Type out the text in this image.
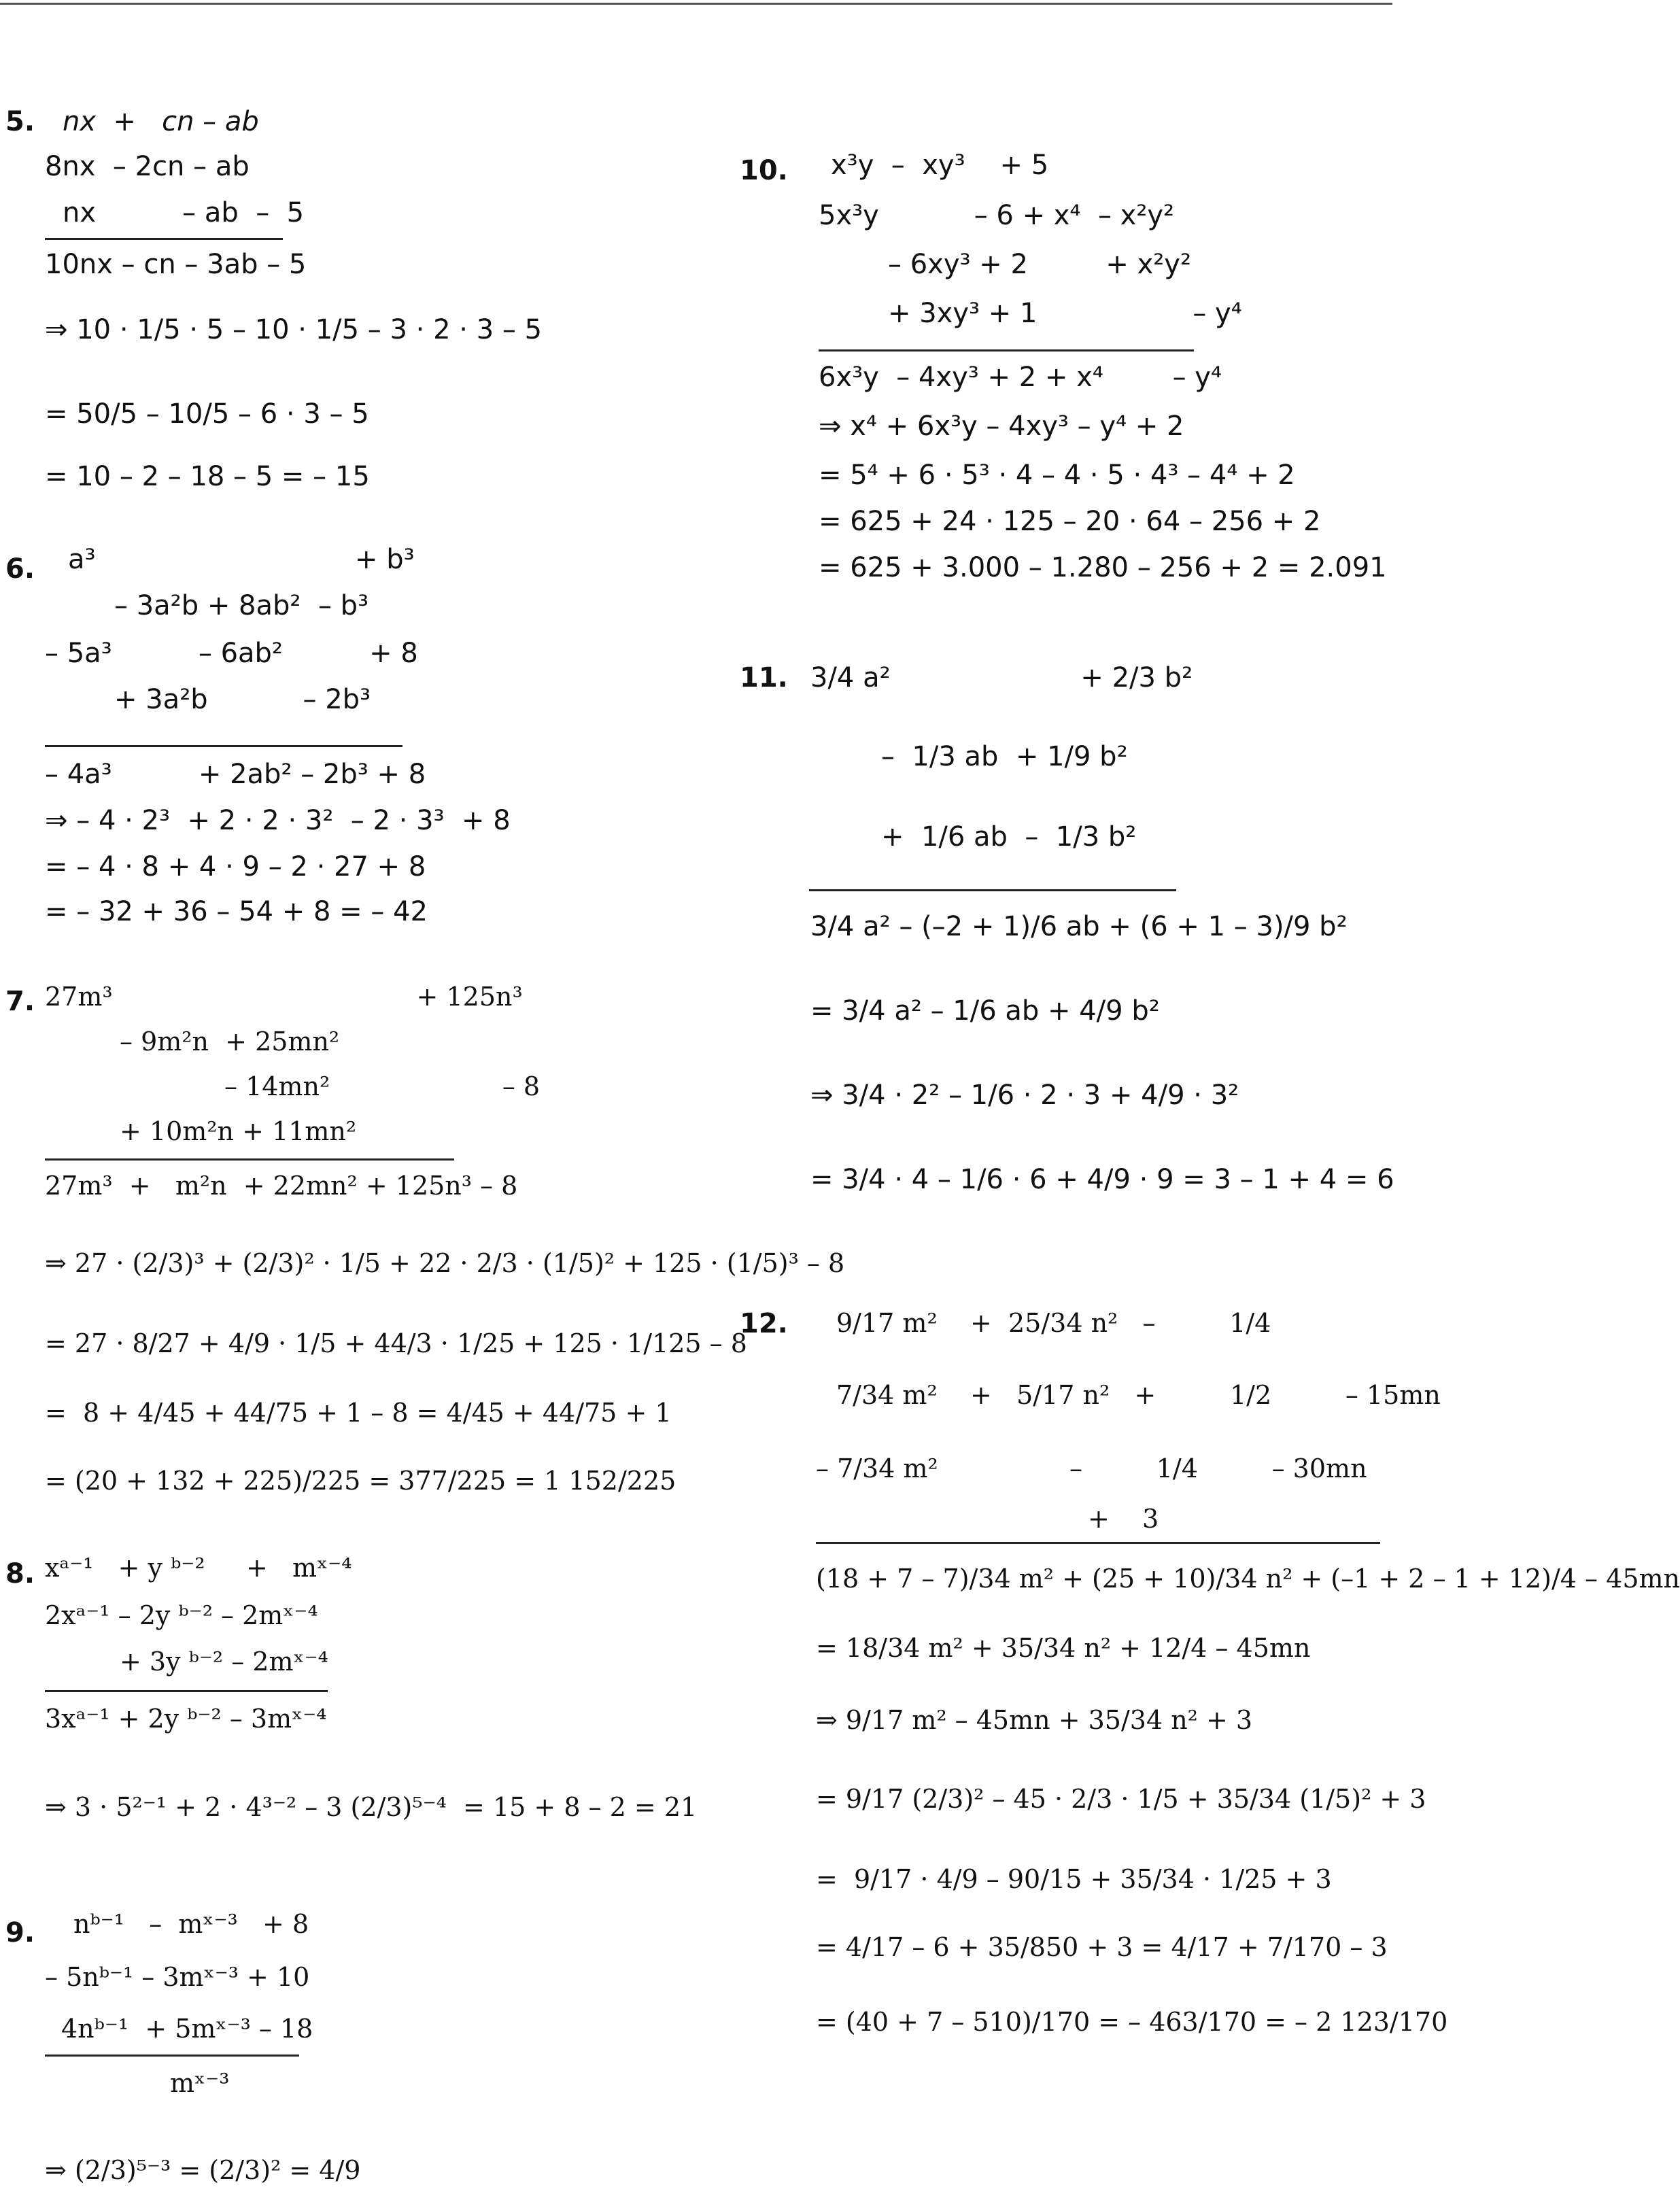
5. nx  +   cn – ab
8nx  – 2cn – ab
nx          – ab  –  5
10nx – cn – 3ab – 5
⇒ 10 · 1/5 · 5 – 10 · 1/5 – 3 · 2 · 3 – 5
= 50/5 – 10/5 – 6 · 3 – 5
= 10 – 2 – 18 – 5 = – 15
6. a³                              + b³
– 3a²b + 8ab²  – b³
– 5a³          – 6ab²          + 8
+ 3a²b           – 2b³
– 4a³          + 2ab² – 2b³ + 8
⇒ – 4 · 2³  + 2 · 2 · 3²  – 2 · 3³  + 8
= – 4 · 8 + 4 · 9 – 2 · 27 + 8
= – 32 + 36 – 54 + 8 = – 42
7. 27m³                                     + 125n³
– 9m²n  + 25mn²
– 14mn²                     – 8
+ 10m²n + 11mn²
27m³  +   m²n  + 22mn² + 125n³ – 8
⇒ 27 · (2/3)³ + (2/3)² · 1/5 + 22 · 2/3 · (1/5)² + 125 · (1/5)³ – 8
= 27 · 8/27 + 4/9 · 1/5 + 44/3 · 1/25 + 125 · 1/125 – 8
=  8 + 4/45 + 44/75 + 1 – 8 = 4/45 + 44/75 + 1
= (20 + 132 + 225)/225 = 377/225 = 1 152/225
8. xᵃ⁻¹   + y ᵇ⁻²     +   mˣ⁻⁴
2xᵃ⁻¹ – 2y ᵇ⁻² – 2mˣ⁻⁴
+ 3y ᵇ⁻² – 2mˣ⁻⁴
3xᵃ⁻¹ + 2y ᵇ⁻² – 3mˣ⁻⁴
⇒ 3 · 5²⁻¹ + 2 · 4³⁻² – 3 (2/3)⁵⁻⁴  = 15 + 8 – 2 = 21
9. nᵇ⁻¹   –  mˣ⁻³   + 8
– 5nᵇ⁻¹ – 3mˣ⁻³ + 10
4nᵇ⁻¹  + 5mˣ⁻³ – 18
mˣ⁻³
⇒ (2/3)⁵⁻³ = (2/3)² = 4/9
10. x³y  –  xy³    + 5
5x³y           – 6 + x⁴  – x²y²
– 6xy³ + 2         + x²y²
+ 3xy³ + 1                  – y⁴
6x³y  – 4xy³ + 2 + x⁴        – y⁴
⇒ x⁴ + 6x³y – 4xy³ – y⁴ + 2
= 5⁴ + 6 · 5³ · 4 – 4 · 5 · 4³ – 4⁴ + 2
= 625 + 24 · 125 – 20 · 64 – 256 + 2
= 625 + 3.000 – 1.280 – 256 + 2 = 2.091
11. 3/4 a²                      + 2/3 b²
–  1/3 ab  + 1/9 b²
+  1/6 ab  –  1/3 b²
3/4 a² – (–2 + 1)/6 ab + (6 + 1 – 3)/9 b²
= 3/4 a² – 1/6 ab + 4/9 b²
⇒ 3/4 · 2² – 1/6 · 2 · 3 + 4/9 · 3²
= 3/4 · 4 – 1/6 · 6 + 4/9 · 9 = 3 – 1 + 4 = 6
12. 9/17 m²    +  25/34 n²   –         1/4
7/34 m²    +   5/17 n²   +         1/2         – 15mn
– 7/34 m²                –         1/4         – 30mn
+    3
(18 + 7 – 7)/34 m² + (25 + 10)/34 n² + (–1 + 2 – 1 + 12)/4 – 45mn
= 18/34 m² + 35/34 n² + 12/4 – 45mn
⇒ 9/17 m² – 45mn + 35/34 n² + 3
= 9/17 (2/3)² – 45 · 2/3 · 1/5 + 35/34 (1/5)² + 3
=  9/17 · 4/9 – 90/15 + 35/34 · 1/25 + 3
= 4/17 – 6 + 35/850 + 3 = 4/17 + 7/170 – 3
= (40 + 7 – 510)/170 = – 463/170 = – 2 123/170
